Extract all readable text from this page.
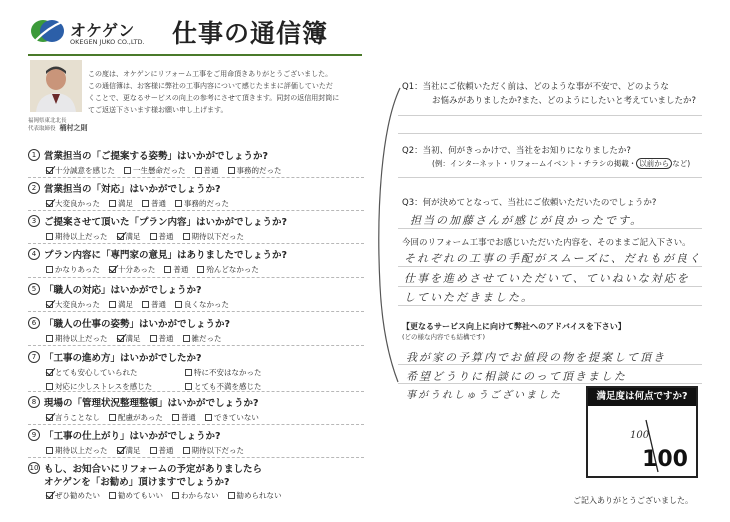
オケゲン
OKEGEN JUKO CO.,LTD. 仕事の通信簿
福岡県東北北長
代表取締役 桶村之則

この度は、オケゲンにリフォーム工事をご用命頂きありがとうございました。

この通信簿は、お客様に弊社の工事内容について感じたままに評価していただ

くことで、更なるサービスの向上の参考にさせて頂きます。同封の返信用封筒に

てご返送下さいます様お願い申し上げます。

1 営業担当の「ご提案する姿勢」はいかがでしょうか?
十分誠意を感じた 一生懸命だった 普通 事務的だった
2 営業担当の「対応」はいかがでしょうか?
大変良かった 満足 普通 事務的だった
3 ご提案させて頂いた「プラン内容」はいかがでしょうか?
期待以上だった 満足 普通 期待以下だった
4 プラン内容に「専門家の意見」はありましたでしょうか?
かなりあった 十分あった 普通 殆んどなかった
5 「職人の対応」はいかがでしょうか?
大変良かった 満足 普通 良くなかった
6 「職人の仕事の姿勢」はいかがでしょうか?
期待以上だった 満足 普通 雑だった
7 「工事の進め方」はいかがでしたか?
とても安心していられた	特に不安はなかった
対応に少しストレスを感じた	とても不満を感じた
8 現場の「管理状況整理整頓」はいかがでしょうか?
言うことなし 配慮があった 普通 できていない
9 「工事の仕上がり」はいかがでしょうか?
期待以上だった 満足 普通 期待以下だった
10 もし、お知合いにリフォームの予定がありましたら
オケゲンを「お勧め」頂けますでしょうか?
ぜひ勧めたい 勧めてもいい わからない 勧められない
Q1：当社にご依頼いただく前は、どのような事が不安で、どのような
お悩みがありましたか?また、どのようにしたいと考えていましたか?
Q2：当初、何がきっかけで、当社をお知りになりましたか?
(例：インターネット・リフォームイベント・チラシの掲載・ 以前から など)
Q3：何が決めてとなって、当社にご依頼いただいたのでしょうか?
担当の加藤さんが感じが良かったです。
今回のリフォーム工事でお感じいただいた内容を、そのままご記入下さい。
それぞれの工事の手配がスムーズに、だれもが良く
仕事を進めさせていただいて、ていねいな対応を
していただきました。
【更なるサービス向上に向けて弊社へのアドバイスを下さい】
(どの様な内容でも結構です)
我が家の予算内でお値段の物を提案して頂き
希望どうりに相談にのって頂きました
事がうれしゅうございました	満足度は何点ですか?
100
100
ご記入ありがとうございました。
